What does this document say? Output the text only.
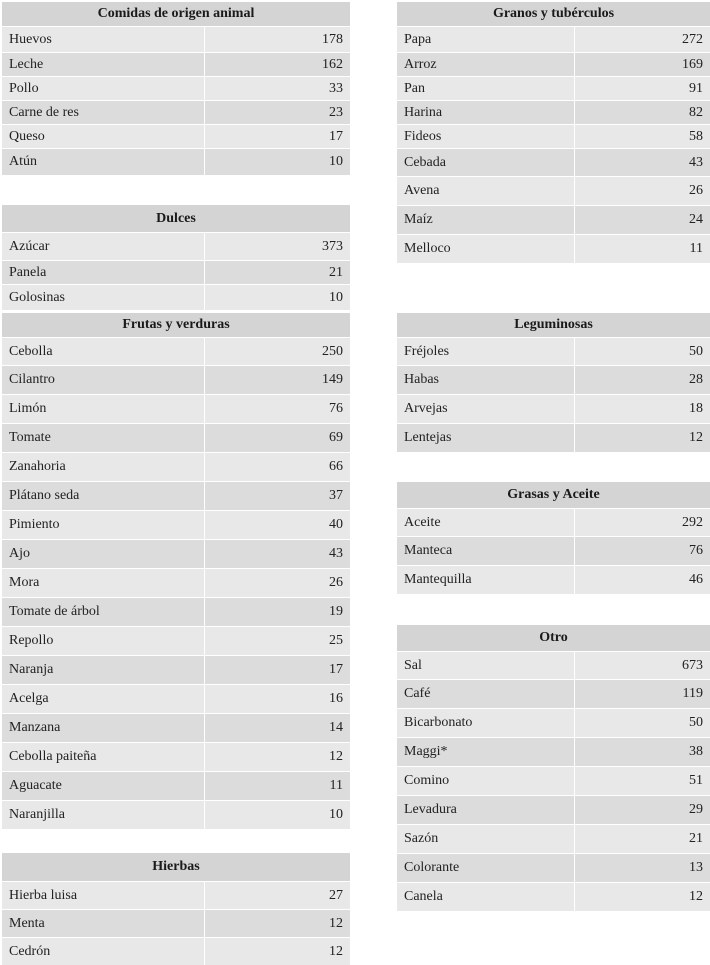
Comidas de origen animal
Huevos	178
Leche	162
Pollo	33
Carne de res	23
Queso	17
Atún	10
Dulces
Azúcar	373
Panela	21
Golosinas	10
Frutas y verduras
Cebolla	250
Cilantro	149
Limón	76
Tomate	69
Zanahoria	66
Plátano seda	37
Pimiento	40
Ajo	43
Mora	26
Tomate de árbol	19
Repollo	25
Naranja	17
Acelga	16
Manzana	14
Cebolla paiteña	12
Aguacate	11
Naranjilla	10
Hierbas
Hierba luisa	27
Menta	12
Cedrón	12
Granos y tubérculos
Papa	272
Arroz	169
Pan	91
Harina	82
Fideos	58
Cebada	43
Avena	26
Maíz	24
Melloco	11
Leguminosas
Fréjoles	50
Habas	28
Arvejas	18
Lentejas	12
Grasas y Aceite
Aceite	292
Manteca	76
Mantequilla	46
Otro
Sal	673
Café	119
Bicarbonato	50
Maggi*	38
Comino	51
Levadura	29
Sazón	21
Colorante	13
Canela	12
